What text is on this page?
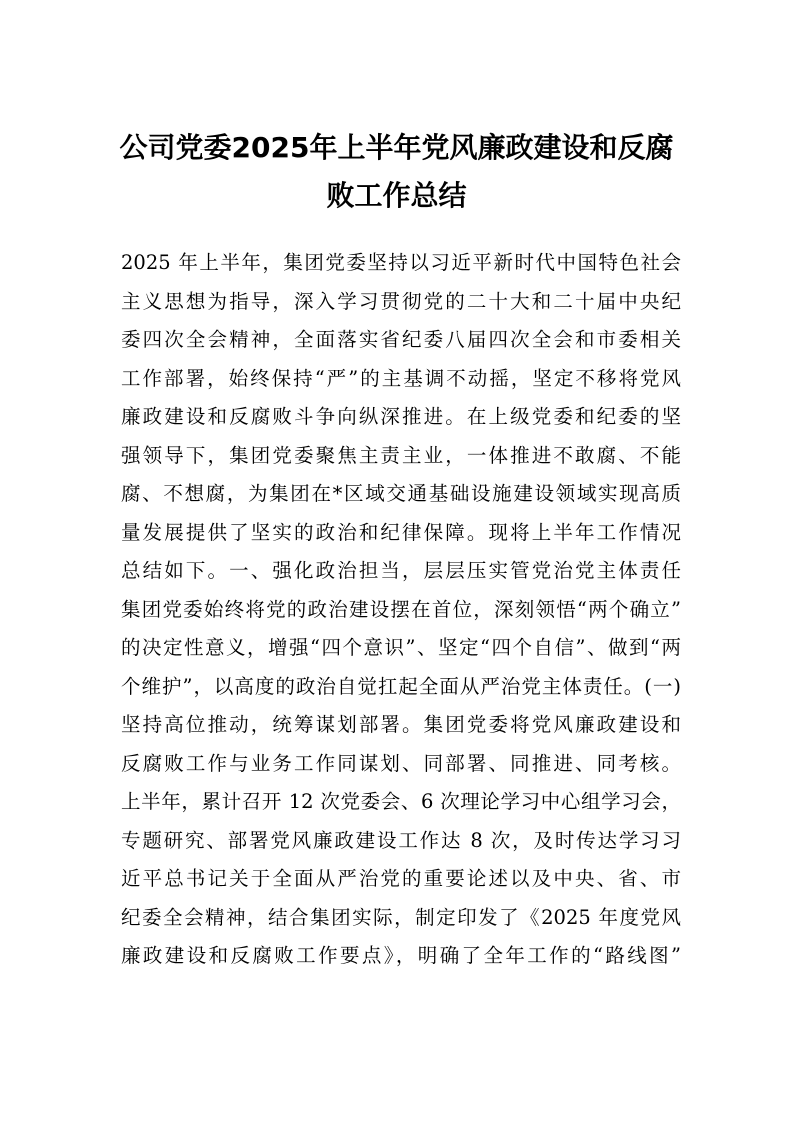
公司党委2025年上半年党风廉政建设和反腐败工作总结
2025 年上半年，集团党委坚持以习近平新时代中国特色社会
主义思想为指导，深入学习贯彻党的二十大和二十届中央纪
委四次全会精神，全面落实省纪委八届四次全会和市委相关
工作部署，始终保持“严”的主基调不动摇，坚定不移将党风
廉政建设和反腐败斗争向纵深推进。在上级党委和纪委的坚
强领导下，集团党委聚焦主责主业，一体推进不敢腐、不能
腐、不想腐，为集团在*区域交通基础设施建设领域实现高质
量发展提供了坚实的政治和纪律保障。现将上半年工作情况
总结如下。一、强化政治担当，层层压实管党治党主体责任
集团党委始终将党的政治建设摆在首位，深刻领悟“两个确立”
的决定性意义，增强“四个意识”、坚定“四个自信”、做到“两
个维护”，以高度的政治自觉扛起全面从严治党主体责任。(一)
坚持高位推动，统筹谋划部署。集团党委将党风廉政建设和
反腐败工作与业务工作同谋划、同部署、同推进、同考核。
上半年，累计召开 12 次党委会、6 次理论学习中心组学习会，
专题研究、部署党风廉政建设工作达 8 次，及时传达学习习
近平总书记关于全面从严治党的重要论述以及中央、省、市
纪委全会精神，结合集团实际，制定印发了《2025 年度党风
廉政建设和反腐败工作要点》，明确了全年工作的“路线图”
